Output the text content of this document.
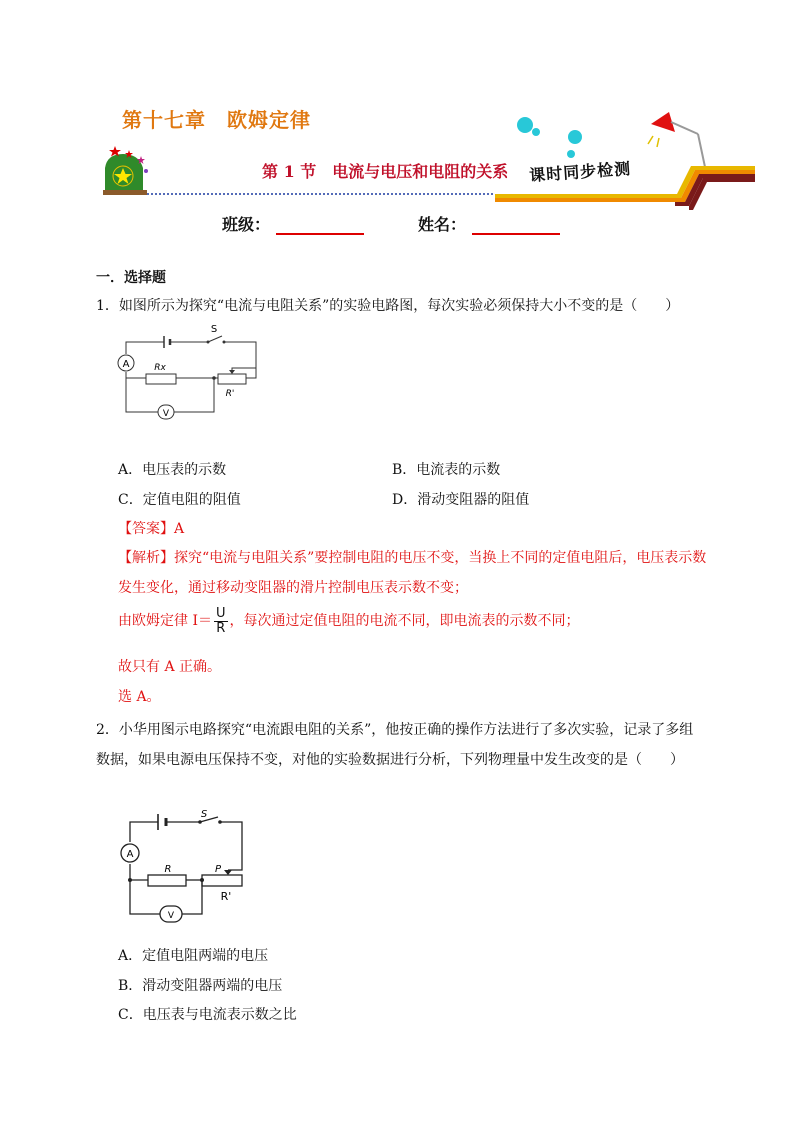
第十七章　欧姆定律
第 1 节　电流与电压和电阻的关系 课时同步检测
班级：	姓名：
一．选择题
1．如图所示为探究“电流与电阻关系”的实验电路图，每次实验必须保持大小不变的是（　　）
A
V
S
Rx
R'
A．电压表的示数	B．电流表的示数
C．定值电阻的阻值	D．滑动变阻器的阻值
【答案】A
【解析】探究“电流与电阻关系”要控制电阻的电压不变，当换上不同的定值电阻后，电压表示数发生变化，通过移动变阻器的滑片控制电压表示数不变；
由欧姆定律 $I= \frac{U}{R}$ ，每次通过定值电阻的电流不同，即电流表的示数不同；
故只有 A 正确。
选 A。
2．小华用图示电路探究“电流跟电阻的关系”，他按正确的操作方法进行了多次实验，记录了多组数据，如果电源电压保持不变，对他的实验数据进行分析，下列物理量中发生改变的是（　　）
A
V
S
R	P
R'
A．定值电阻两端的电压
B．滑动变阻器两端的电压
C．电压表与电流表示数之比
